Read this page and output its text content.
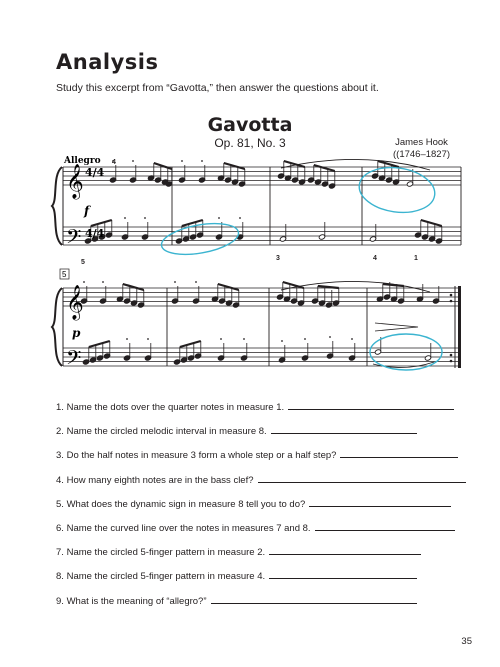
Analysis
Study this excerpt from “Gavotta,” then answer the questions about it.
Gavotta
Op. 81, No. 3	James Hook
((1746–1827)
𝄞
𝄢
𝄞
𝄢
4/4
4/4
Allegro
f
p
5
4
5
3	4	1
1. Name the dots over the quarter notes in measure 1.
2. Name the circled melodic interval in measure 8.
3. Do the half notes in measure 3 form a whole step or a half step?
4. How many eighth notes are in the bass clef?
5. What does the dynamic sign in measure 8 tell you to do?
6. Name the curved line over the notes in measures 7 and 8.
7. Name the circled 5-finger pattern in measure 2.
8. Name the circled 5-finger pattern in measure 4.
9. What is the meaning of “allegro?”
35
